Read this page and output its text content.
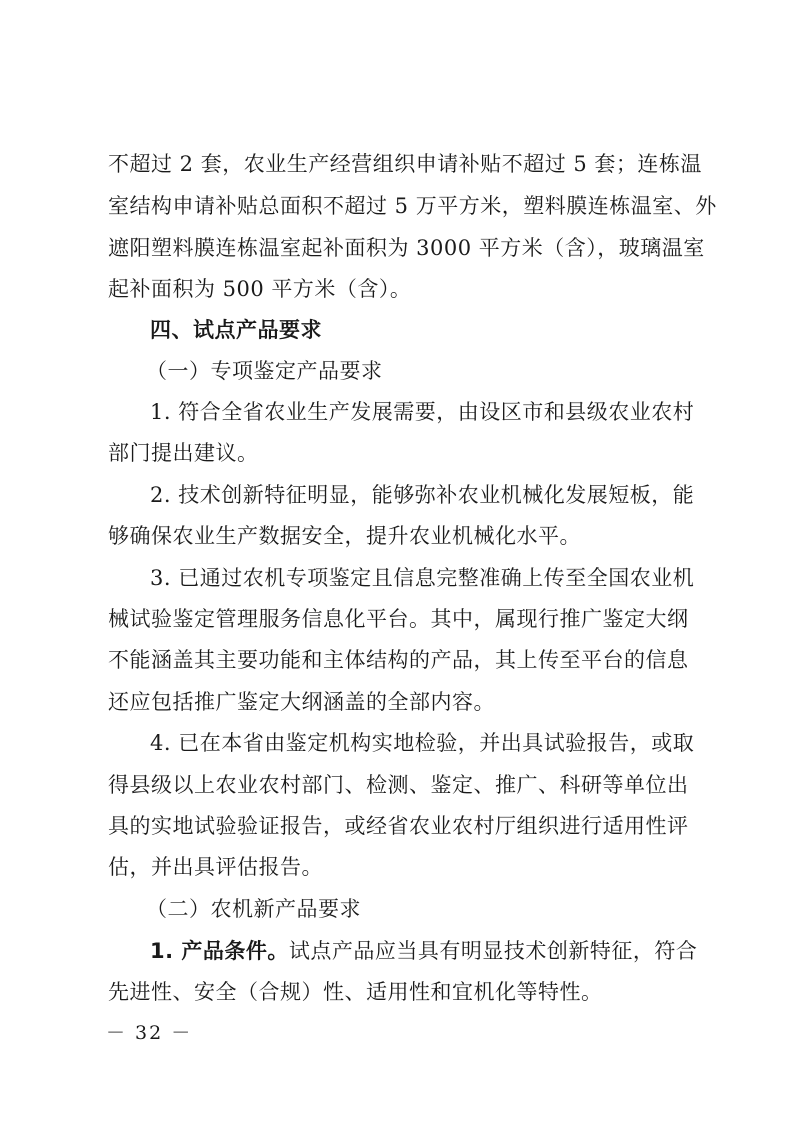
不超过 2 套，农业生产经营组织申请补贴不超过 5 套；连栋温
室结构申请补贴总面积不超过 5 万平方米，塑料膜连栋温室、外
遮阳塑料膜连栋温室起补面积为 3000 平方米（含），玻璃温室
起补面积为 500 平方米（含）。
四、试点产品要求
（一）专项鉴定产品要求
1. 符合全省农业生产发展需要，由设区市和县级农业农村
部门提出建议。
2. 技术创新特征明显，能够弥补农业机械化发展短板，能
够确保农业生产数据安全，提升农业机械化水平。
3. 已通过农机专项鉴定且信息完整准确上传至全国农业机
械试验鉴定管理服务信息化平台。其中，属现行推广鉴定大纲
不能涵盖其主要功能和主体结构的产品，其上传至平台的信息
还应包括推广鉴定大纲涵盖的全部内容。
4. 已在本省由鉴定机构实地检验，并出具试验报告，或取
得县级以上农业农村部门、检测、鉴定、推广、科研等单位出
具的实地试验验证报告，或经省农业农村厅组织进行适用性评
估，并出具评估报告。
（二）农机新产品要求
1. 产品条件。试点产品应当具有明显技术创新特征，符合
先进性、安全（合规）性、适用性和宜机化等特性。
－ 32 －
